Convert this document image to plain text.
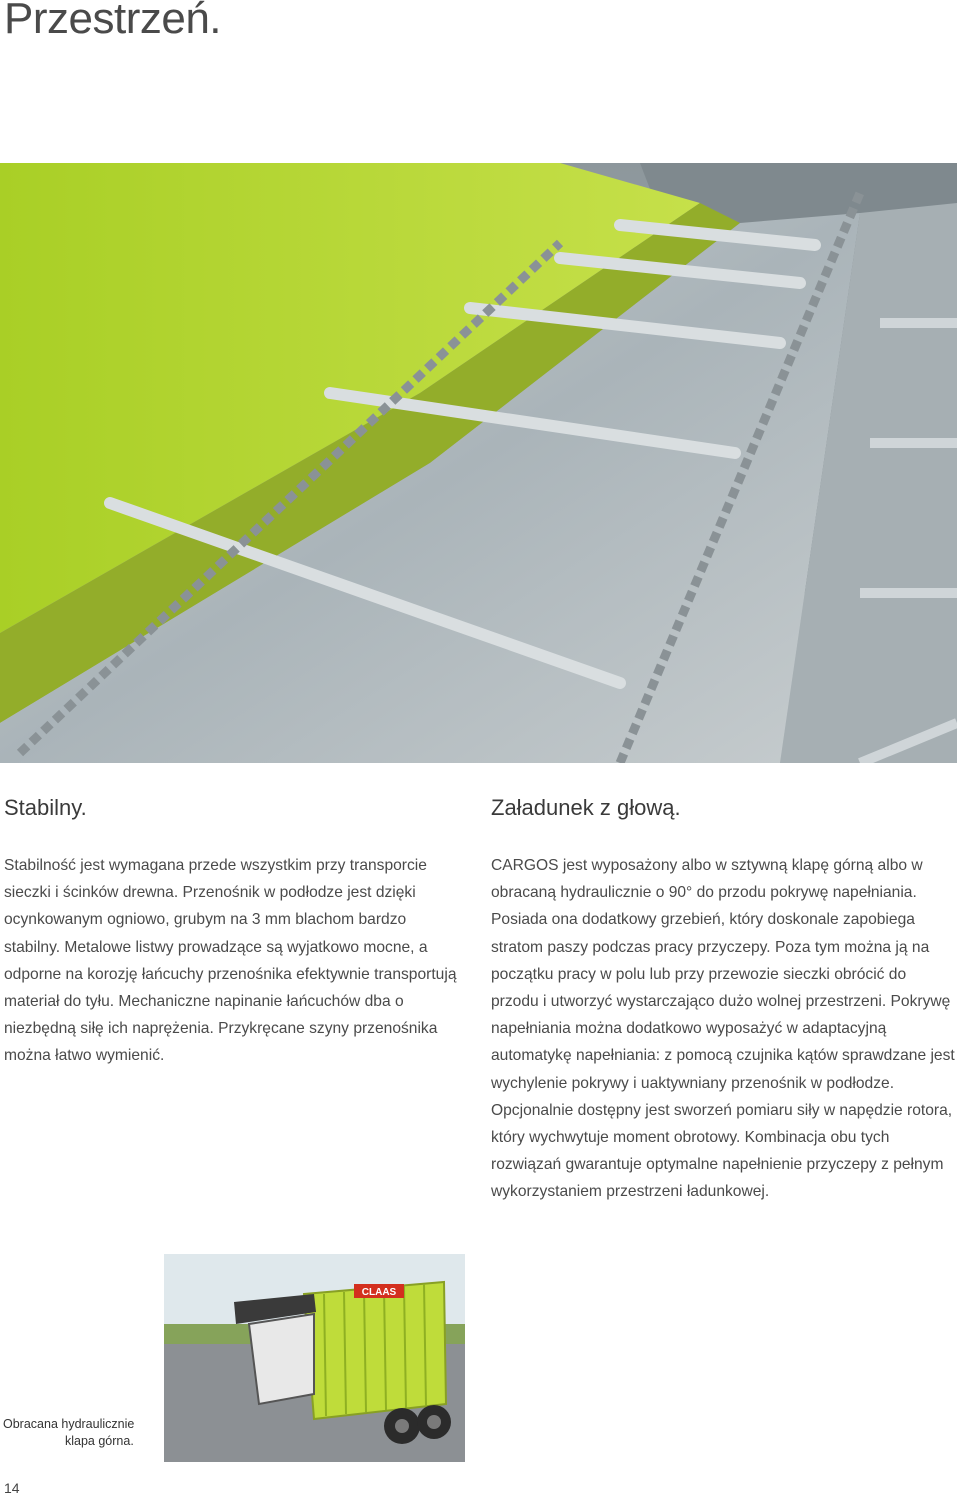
Przestrzeń.
Stabilny.

Stabilność jest wymagana przede wszystkim przy transporcie sieczki i ścinków drewna. Przenośnik w podłodze jest dzięki ocynkowanym ogniowo, grubym na 3 mm blachom bardzo stabilny. Metalowe listwy prowadzące są wyjatkowo mocne, a odporne na korozję łańcuchy przenośnika efektywnie transportują materiał do tyłu. Mechaniczne napinanie łańcuchów dba o niezbędną siłę ich naprężenia. Przykręcane szyny przenośnika można łatwo wymienić.

Załadunek z głową.

CARGOS jest wyposażony albo w sztywną klapę górną albo w obracaną hydraulicznie o 90° do przodu pokrywę napełniania. Posiada ona dodatkowy grzebień, który doskonale zapobiega stratom paszy podczas pracy przyczepy. Poza tym można ją na początku pracy w polu lub przy przewozie sieczki obrócić do przodu i utworzyć wystarczająco dużo wolnej przestrzeni. Pokrywę napełniania można dodatkowo wyposażyć w adaptacyjną automatykę napełniania: z pomocą czujnika kątów sprawdzane jest wychylenie pokrywy i uaktywniany przenośnik w podłodze. Opcjonalnie dostępny jest sworzeń pomiaru siły w napędzie rotora, który wychwytuje moment obrotowy. Kombinacja obu tych rozwiązań gwarantuje optymalne napełnienie przyczepy z pełnym wykorzystaniem przestrzeni ładunkowej.

CLAAS

Obracana hydraulicznie
klapa górna.

14
